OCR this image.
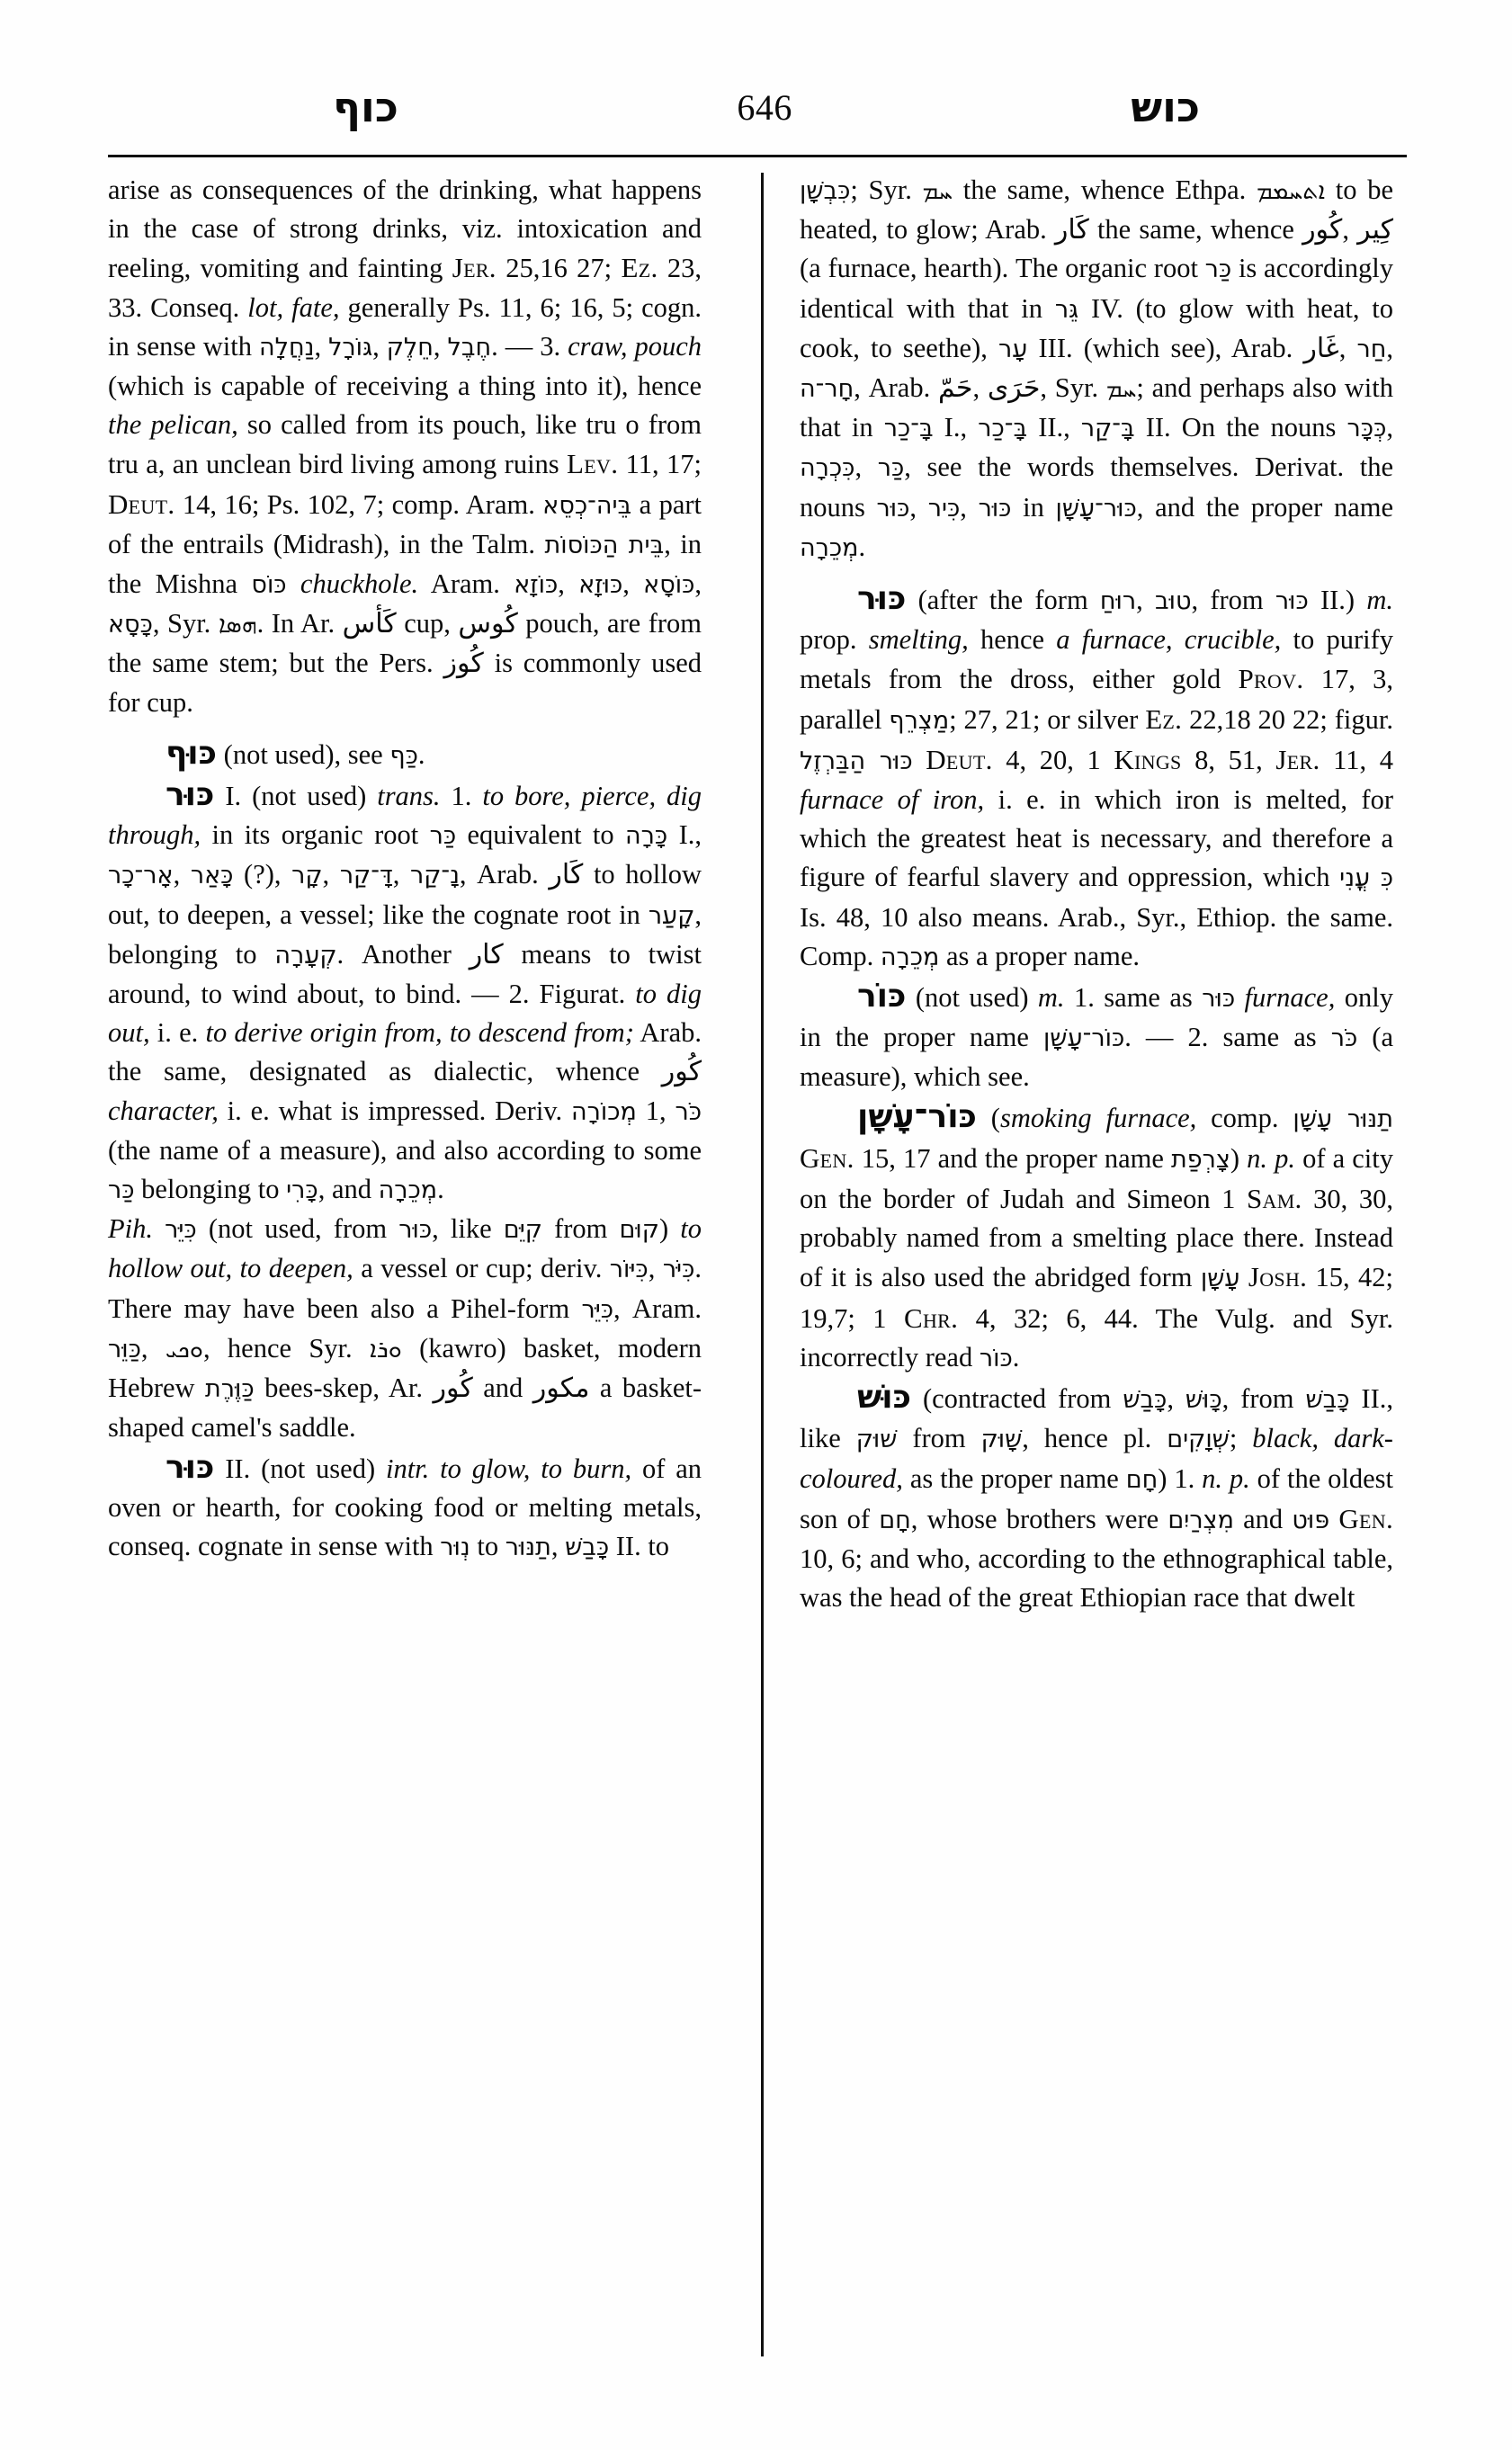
כוף	646	כוש

arise as consequences of the drinking, what happens in the case of strong drinks, viz. intoxication and reeling, vomiting and fainting Jer. 25,16 27; Ez. 23, 33. Conseq. lot, fate, generally Ps. 11, 6; 16, 5; cogn. in sense with נַחֲלָה, גּוֹרָל, חֵלֶק, חֶבֶל. — 3. craw, pouch (which is capable of receiving a thing into it), hence the pelican, so called from its pouch, like tru o from tru a, an unclean bird living among ruins Lev. 11, 17; Deut. 14, 16; Ps. 102, 7; comp. Aram. בֵּּיה־כְסֵא a part of the entrails (Midrash), in the Talm. בֵּית הַכּוֹסוֹת, in the Mishna כּוֹס chuckhole. Aram. כּוֹזָא, כּוּזָא, כּוֹסָא, כָּסָא, Syr. ܗܣܐ. In Ar. كَأس cup, كُوس pouch, are from the same stem; but the Pers. كُوز is commonly used for cup.

כּוּף (not used), see כַּף.

כּוּר I. (not used) trans. 1. to bore, pierce, dig through, in its organic root כַּר equivalent to כָּרָה I., אָר־כָר, כָּאַר (?), קָר, דָּ־קַר, נָ־קַר, Arab. كَار to hollow out, to deepen, a vessel; like the cognate root in קָעַר, belonging to קְעָרָה. Another كار means to twist around, to wind about, to bind. — 2. Figurat. to dig out, i. e. to derive origin from, to descend from; Arab. the same, designated as dialectic, whence كُور character, i. e. what is impressed. Deriv. מְכוֹרָה 1, כֹּר (the name of a measure), and also according to some כַּר belonging to כָּרִי, and מְכֵרָה.

Pih. כִּיֵּר (not used, from כּוּר, like קִיֵּם from קוּם) to hollow out, to deepen, a vessel or cup; deriv. כִּיּוֹר, כִּיֹּר. There may have been also a Pihel-form כִּיֵּר, Aram. כַּוֵּר, ܘܟܝ, hence Syr. ܘܪܐ (kawro) basket, modern Hebrew כַּוֶּרֶת bees-skep, Ar. كُور and مكور a basket-shaped camel's saddle.

כּוּר II. (not used) intr. to glow, to burn, of an oven or hearth, for cooking food or melting metals, conseq. cognate in sense with נְוּר to תַנּוּר, כָּבַשׁ II. to

כִּבְשָׁן; Syr. ܚܡ the same, whence Ethpa. ܐܬܚܡܡ to be heated, to glow; Arab. كَار the same, whence كُور, كِير (a furnace, hearth). The organic root כַּר is accordingly identical with that in גֵּר IV. (to glow with heat, to cook, to seethe), עָר III. (which see), Arab. غَار, חַר, חָר־ה, Arab. حَمّ, حَرَى, Syr. ܚܡ; and perhaps also with that in בָּ־כַר I., בָּ־כַר II., בָּ־קַר II. On the nouns כְּכָּר, כִּכְרָה, כַּר, see the words themselves. Derivat. the nouns כּוּר, כִּיר, כּוּר in כּוּר־עָשָׁן, and the proper name מְכֵרָה.

כּוּר (after the form רוּחַ, טוּב, from כּוּר II.) m. prop. smelting, hence a furnace, crucible, to purify metals from the dross, either gold Prov. 17, 3, parallel מַצְרֵף; 27, 21; or silver Ez. 22,18 20 22; figur. כּוּר הַבַּרְזֶל Deut. 4, 20, 1 Kings 8, 51, Jer. 11, 4 furnace of iron, i. e. in which iron is melted, for which the greatest heat is necessary, and therefore a figure of fearful slavery and oppression, which כִּּ עֳנִי Is. 48, 10 also means. Arab., Syr., Ethiop. the same. Comp. מְכֵרָה as a proper name.

כּוֹר (not used) m. 1. same as כּוּר furnace, only in the proper name כּוֹר־עָשָׁן. — 2. same as כֹּר (a measure), which see.

כּוֹר־עָשָׁן (smoking furnace, comp. תַנּוּר עָשָׁן Gen. 15, 17 and the proper name צָרְפַת) n. p. of a city on the border of Judah and Simeon 1 Sam. 30, 30, probably named from a smelting place there. Instead of it is also used the abridged form עָשָׁן Josh. 15, 42; 19,7; 1 Chr. 4, 32; 6, 44. The Vulg. and Syr. incorrectly read כּוֹר.

כּוּשׁ (contracted from כָּבַשׁ, כָּוּשׁ, from כָּבַשׁ II., like שׁוּק from שָׁוּק, hence pl. שְׁוָקִים; black, dark-coloured, as the proper name חָם) 1. n. p. of the oldest son of חָם, whose brothers were מִצְרַיִם and פּוּט Gen. 10, 6; and who, according to the ethnographical table, was the head of the great Ethiopian race that dwelt
